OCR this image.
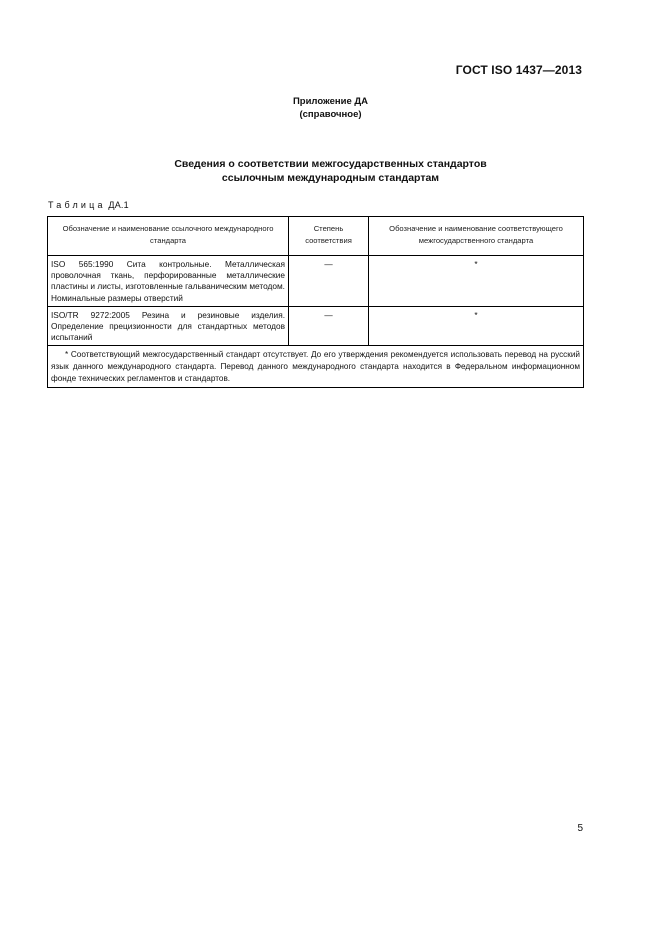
ГОСТ ISO 1437—2013
Приложение ДА
(справочное)
Сведения о соответствии межгосударственных стандартов
ссылочным международным стандартам
Таблица ДА.1
Обозначение и наименование ссылочного международного стандарта	Степень соответствия	Обозначение и наименование соответствующего межгосударственного стандарта
ISO 565:1990 Сита контрольные. Металлическая проволочная ткань, перфорированные металлические пластины и листы, изготовленные гальваническим методом. Номинальные размеры отверстий	—	*
ISO/TR 9272:2005 Резина и резиновые изделия. Определение прецизионности для стандартных методов испытаний	—	*
* Соответствующий межгосударственный стандарт отсутствует. До его утверждения рекомендуется использовать перевод на русский язык данного международного стандарта. Перевод данного международного стандарта находится в Федеральном информационном фонде технических регламентов и стандартов.		
5
